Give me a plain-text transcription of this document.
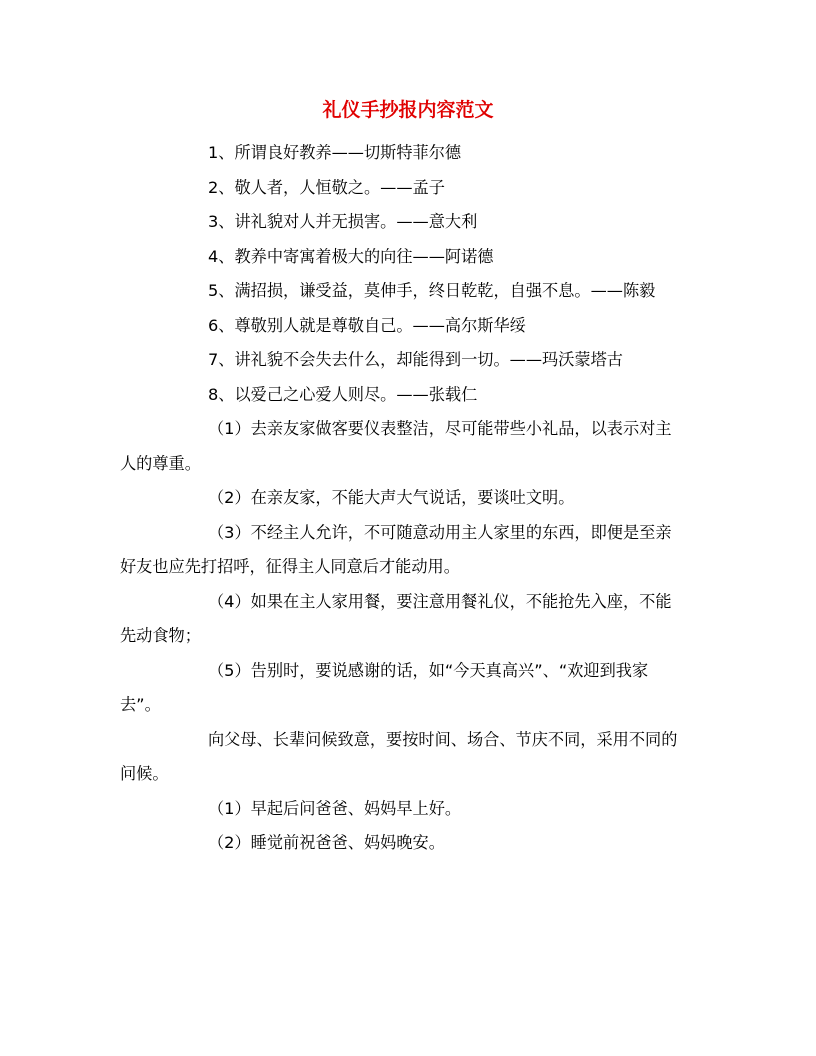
礼仪手抄报内容范文

1、所谓良好教养——切斯特菲尔德

2、敬人者，人恒敬之。——孟子

3、讲礼貌对人并无损害。——意大利

4、教养中寄寓着极大的向往——阿诺德

5、满招损，谦受益，莫伸手，终日乾乾，自强不息。——陈毅

6、尊敬别人就是尊敬自己。——高尔斯华绥

7、讲礼貌不会失去什么，却能得到一切。——玛沃蒙塔古

8、以爱己之心爱人则尽。——张载仁

（1）去亲友家做客要仪表整洁，尽可能带些小礼品，以表示对主人的尊重。

（2）在亲友家，不能大声大气说话，要谈吐文明。

（3）不经主人允许，不可随意动用主人家里的东西，即便是至亲好友也应先打招呼，征得主人同意后才能动用。

（4）如果在主人家用餐，要注意用餐礼仪，不能抢先入座，不能先动食物；

（5）告别时，要说感谢的话，如“今天真高兴”、“欢迎到我家去”。

向父母、长辈问候致意，要按时间、场合、节庆不同，采用不同的问候。

（1）早起后问爸爸、妈妈早上好。

（2）睡觉前祝爸爸、妈妈晚安。
